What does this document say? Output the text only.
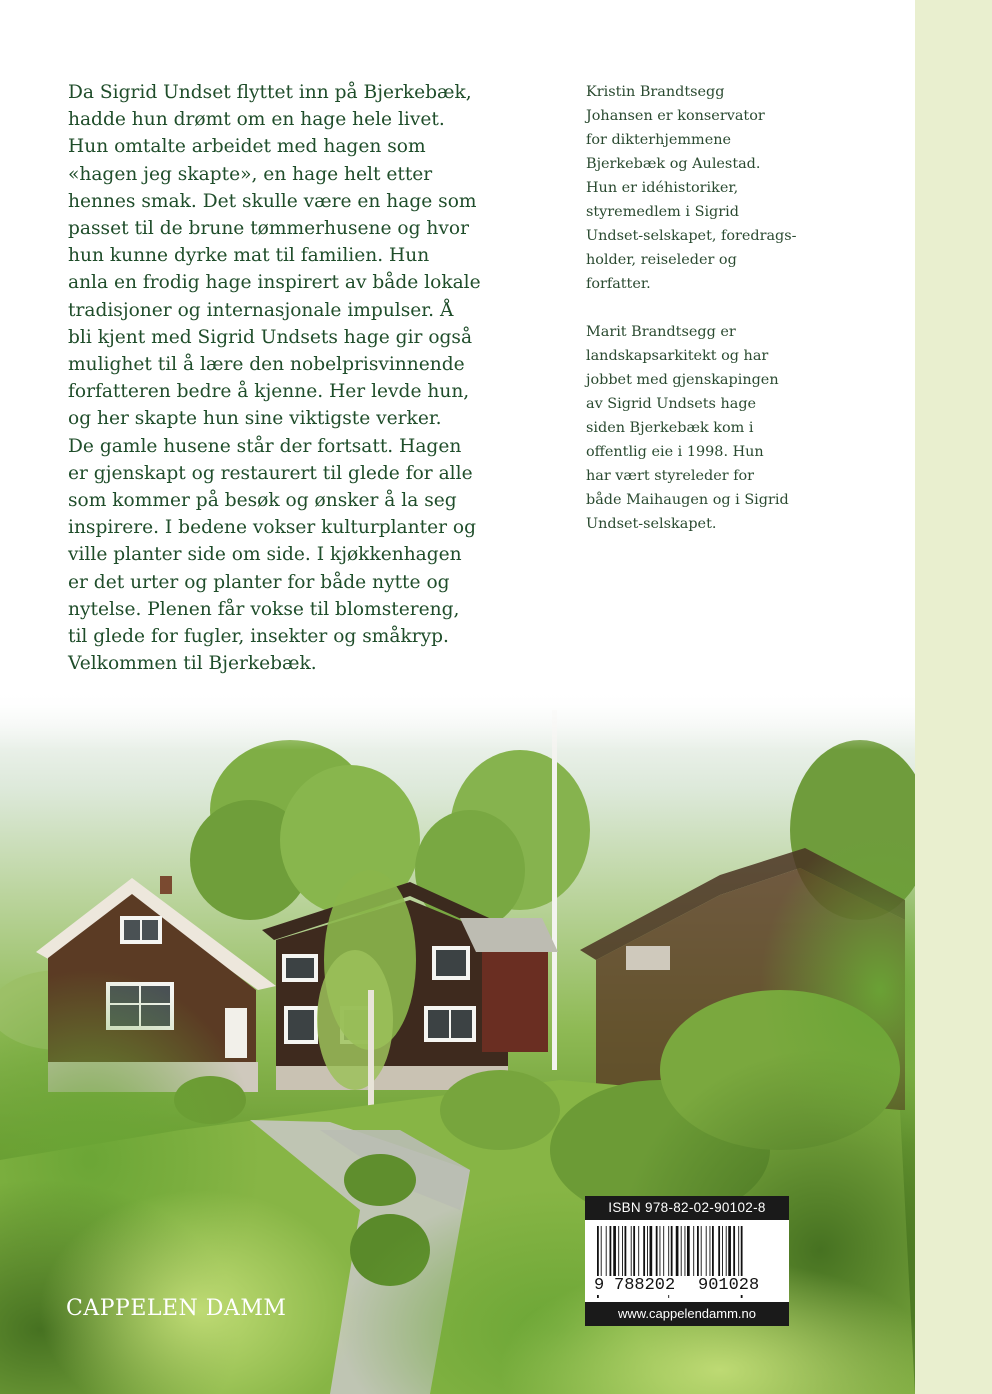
Da Sigrid Undset flyttet inn på Bjerkebæk,
hadde hun drømt om en hage hele livet.
Hun omtalte arbeidet med hagen som
«hagen jeg skapte», en hage helt etter
hennes smak. Det skulle være en hage som
passet til de brune tømmerhusene og hvor
hun kunne dyrke mat til familien. Hun
anla en frodig hage inspirert av både lokale
tradisjoner og internasjonale impulser. Å
bli kjent med Sigrid Undsets hage gir også
mulighet til å lære den nobelprisvinnende
forfatteren bedre å kjenne. Her levde hun,
og her skapte hun sine viktigste verker.
De gamle husene står der fortsatt. Hagen
er gjenskapt og restaurert til glede for alle
som kommer på besøk og ønsker å la seg
inspirere. I bedene vokser kulturplanter og
ville planter side om side. I kjøkkenhagen
er det urter og planter for både nytte og
nytelse. Plenen får vokse til blomstereng,
til glede for fugler, insekter og småkryp.
Velkommen til Bjerkebæk.
Kristin Brandtsegg
Johansen er konservator
for dikterhjemmene
Bjerkebæk og Aulestad.
Hun er idéhistoriker,
styremedlem i Sigrid
Undset-selskapet, foredrags-
holder, reiseleder og
forfatter.
Marit Brandtsegg er
landskapsarkitekt og har
jobbet med gjenskapingen
av Sigrid Undsets hage
siden Bjerkebæk kom i
offentlig eie i 1998. Hun
har vært styreleder for
både Maihaugen og i Sigrid
Undset-selskapet.
CAPPELEN DAMM
ISBN 978-82-02-90102-8
9 788202 901028
www.cappelendamm.no
